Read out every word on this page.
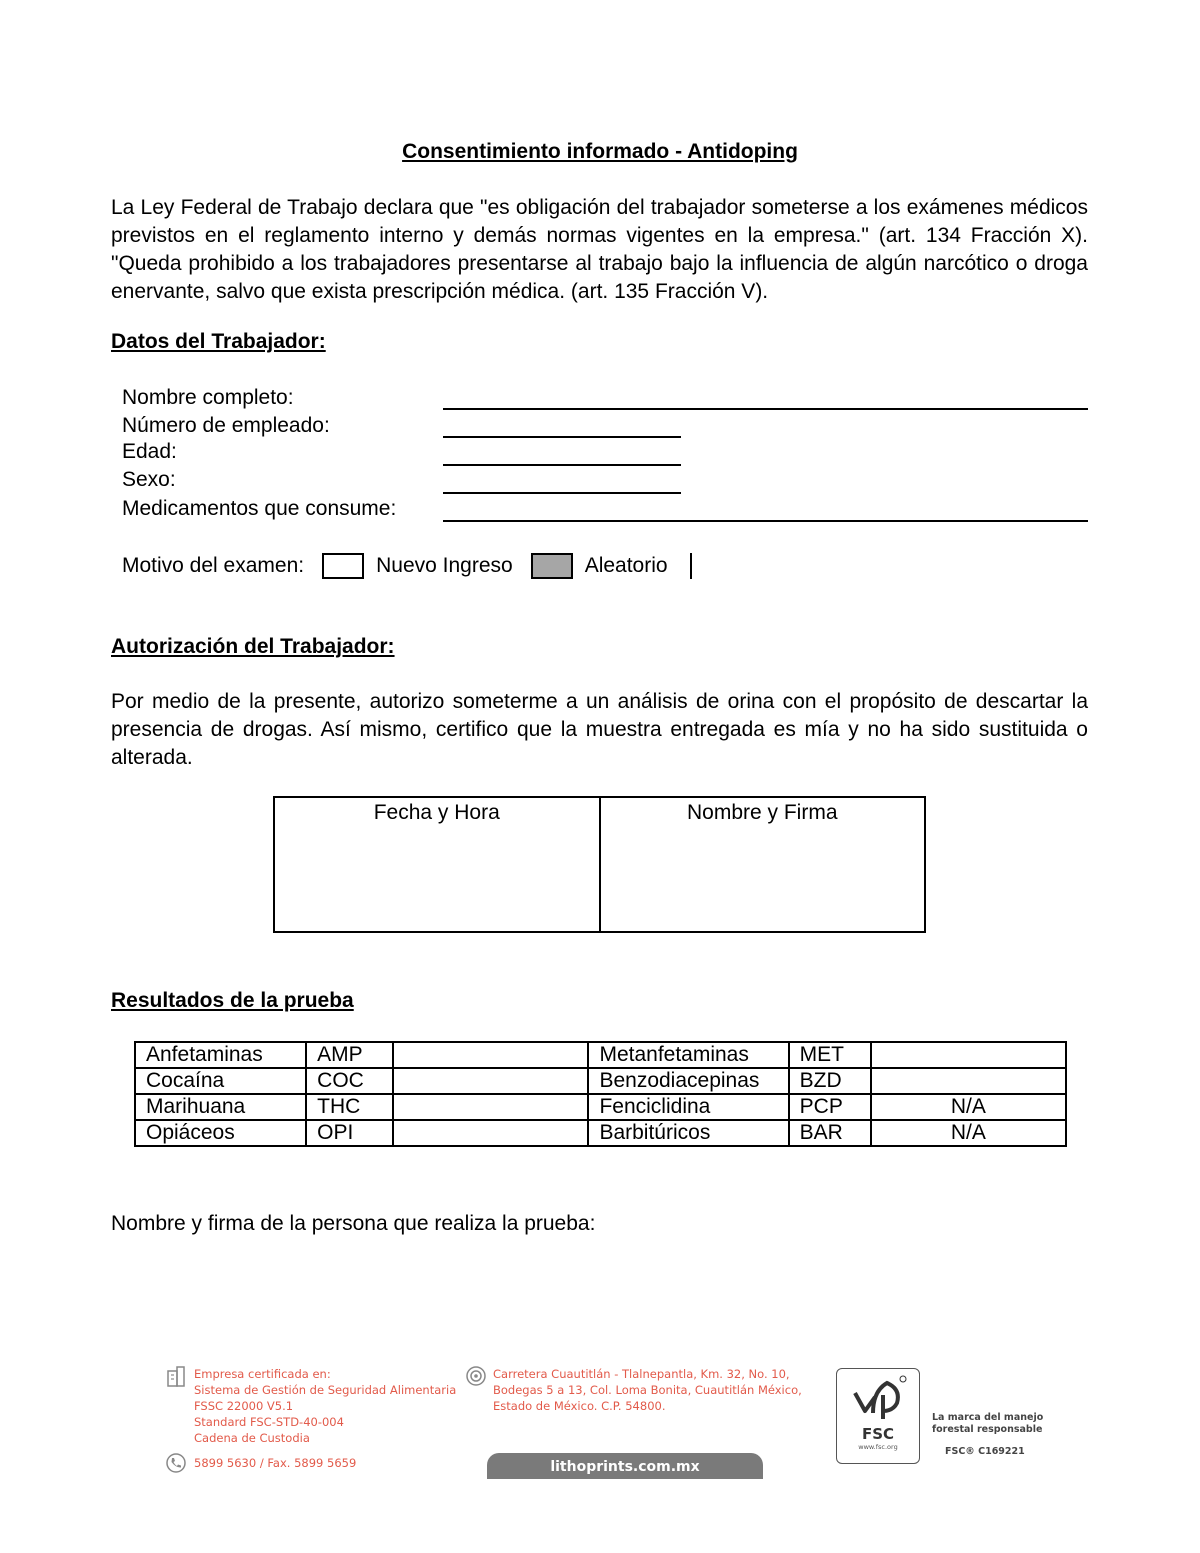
Consentimiento informado - Antidoping
La Ley Federal de Trabajo declara que "es obligación del trabajador someterse a los exámenes médicos previstos en el reglamento interno y demás normas vigentes en la empresa." (art. 134 Fracción X). "Queda prohibido a los trabajadores presentarse al trabajo bajo la influencia de algún narcótico o droga enervante, salvo que exista prescripción médica. (art. 135 Fracción V).
Datos del Trabajador:
Nombre completo:
Número de empleado:
Edad:
Sexo:
Medicamentos que consume:
Motivo del examen:	Nuevo Ingreso	Aleatorio
Autorización del Trabajador:
Por medio de la presente, autorizo someterme a un análisis de orina con el propósito de descartar la presencia de drogas. Así mismo, certifico que la muestra entregada es mía y no ha sido sustituida o alterada.
Fecha y Hora	Nombre y Firma
Resultados de la prueba
Anfetaminas	AMP		Metanfetaminas	MET	
Cocaína	COC		Benzodiacepinas	BZD	
Marihuana	THC		Fenciclidina	PCP	N/A
Opiáceos	OPI		Barbitúricos	BAR	N/A
Nombre y firma de la persona que realiza la prueba:
Empresa certificada en:
Sistema de Gestión de Seguridad Alimentaria
FSSC 22000 V5.1
Standard FSC-STD-40-004
Cadena de Custodia
5899 5630 / Fax. 5899 5659
Carretera Cuautitlán - Tlalnepantla, Km. 32, No. 10,
Bodegas 5 a 13, Col. Loma Bonita, Cuautitlán México,
Estado de México. C.P. 54800.
lithoprints.com.mx
FSC
www.fsc.org
La marca del manejo
forestal responsable
FSC® C169221
